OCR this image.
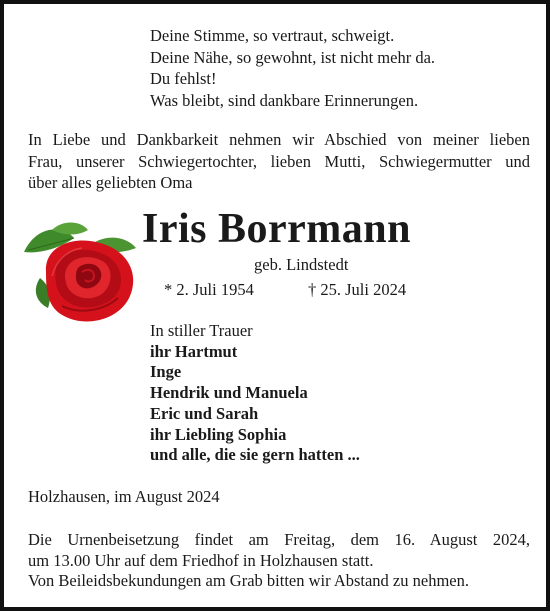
Deine Stimme, so vertraut, schweigt.
Deine Nähe, so gewohnt, ist nicht mehr da.
Du fehlst!
Was bleibt, sind dankbare Erinnerungen.
In Liebe und Dankbarkeit nehmen wir Abschied von meiner lieben
Frau, unserer Schwiegertochter, lieben Mutti, Schwiegermutter und
über alles geliebten Oma
Iris Borrmann
geb. Lindstedt
* 2. Juli 1954	† 25. Juli 2024
In stiller Trauer
ihr Hartmut
Inge
Hendrik und Manuela
Eric und Sarah
ihr Liebling Sophia
und alle, die sie gern hatten ...
Holzhausen, im August 2024
Die Urnenbeisetzung findet am Freitag, dem 16. August 2024,
um 13.00 Uhr auf dem Friedhof in Holzhausen statt.
Von Beileidsbekundungen am Grab bitten wir Abstand zu nehmen.
